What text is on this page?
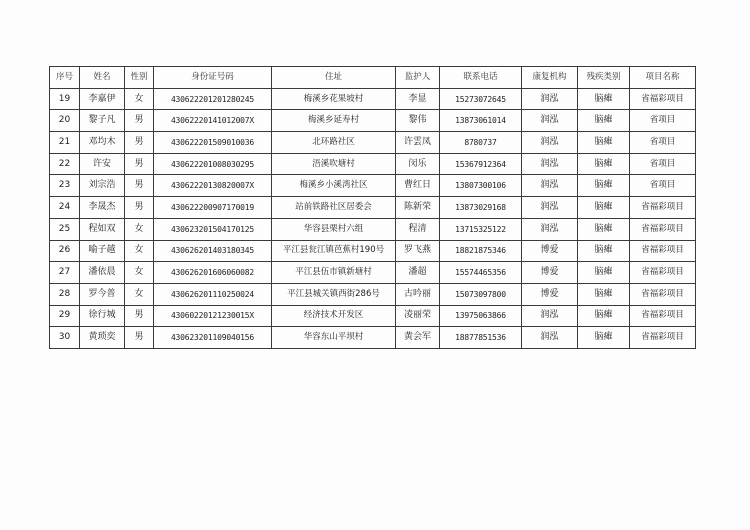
序号	姓名	性别	身份证号码	住址	监护人	联系电话	康复机构	残疾类别	项目名称
19	李嘉伊	女	430622201201280245	梅溪乡花果坡村	李显	15273072645	润泓	脑瘫	省福彩项目
20	黎子凡	男	43062220141012007X	梅溪乡延寿村	黎伟	13873061014	润泓	脑瘫	省项目
21	邓均木	男	430622201509010036	北环路社区	许雲凤	8780737	润泓	脑瘫	省项目
22	许安	男	430622201008030295	浯溪吹塘村	闵乐	15367912364	润泓	脑瘫	省项目
23	刘宗浩	男	43062220130820007X	梅溪乡小溪湾社区	曹红日	13807300106	润泓	脑瘫	省项目
24	李晟杰	男	430622200907170019	站前铁路社区居委会	陈新荣	13873029168	润泓	脑瘫	省福彩项目
25	程如双	女	430623201504170125	华容县栗村六组	程清	13715325122	润泓	脑瘫	省福彩项目
26	喻子越	女	430626201403180345	平江县瓮江镇芭蕉村190号	罗飞燕	18821875346	博爱	脑瘫	省福彩项目
27	潘依晨	女	430626201606060082	平江县伍市镇新塘村	潘超	15574465356	博爱	脑瘫	省福彩项目
28	罗今普	女	430626201110250024	平江县城关镇西街286号	古吟丽	15073097800	博爱	脑瘫	省福彩项目
29	徐行城	男	43060220121230015X	经济技术开发区	凌丽荣	13975063866	润泓	脑瘫	省福彩项目
30	黄琐奕	男	430623201109040156	华容东山平坝村	黄会军	18877851536	润泓	脑瘫	省福彩项目
